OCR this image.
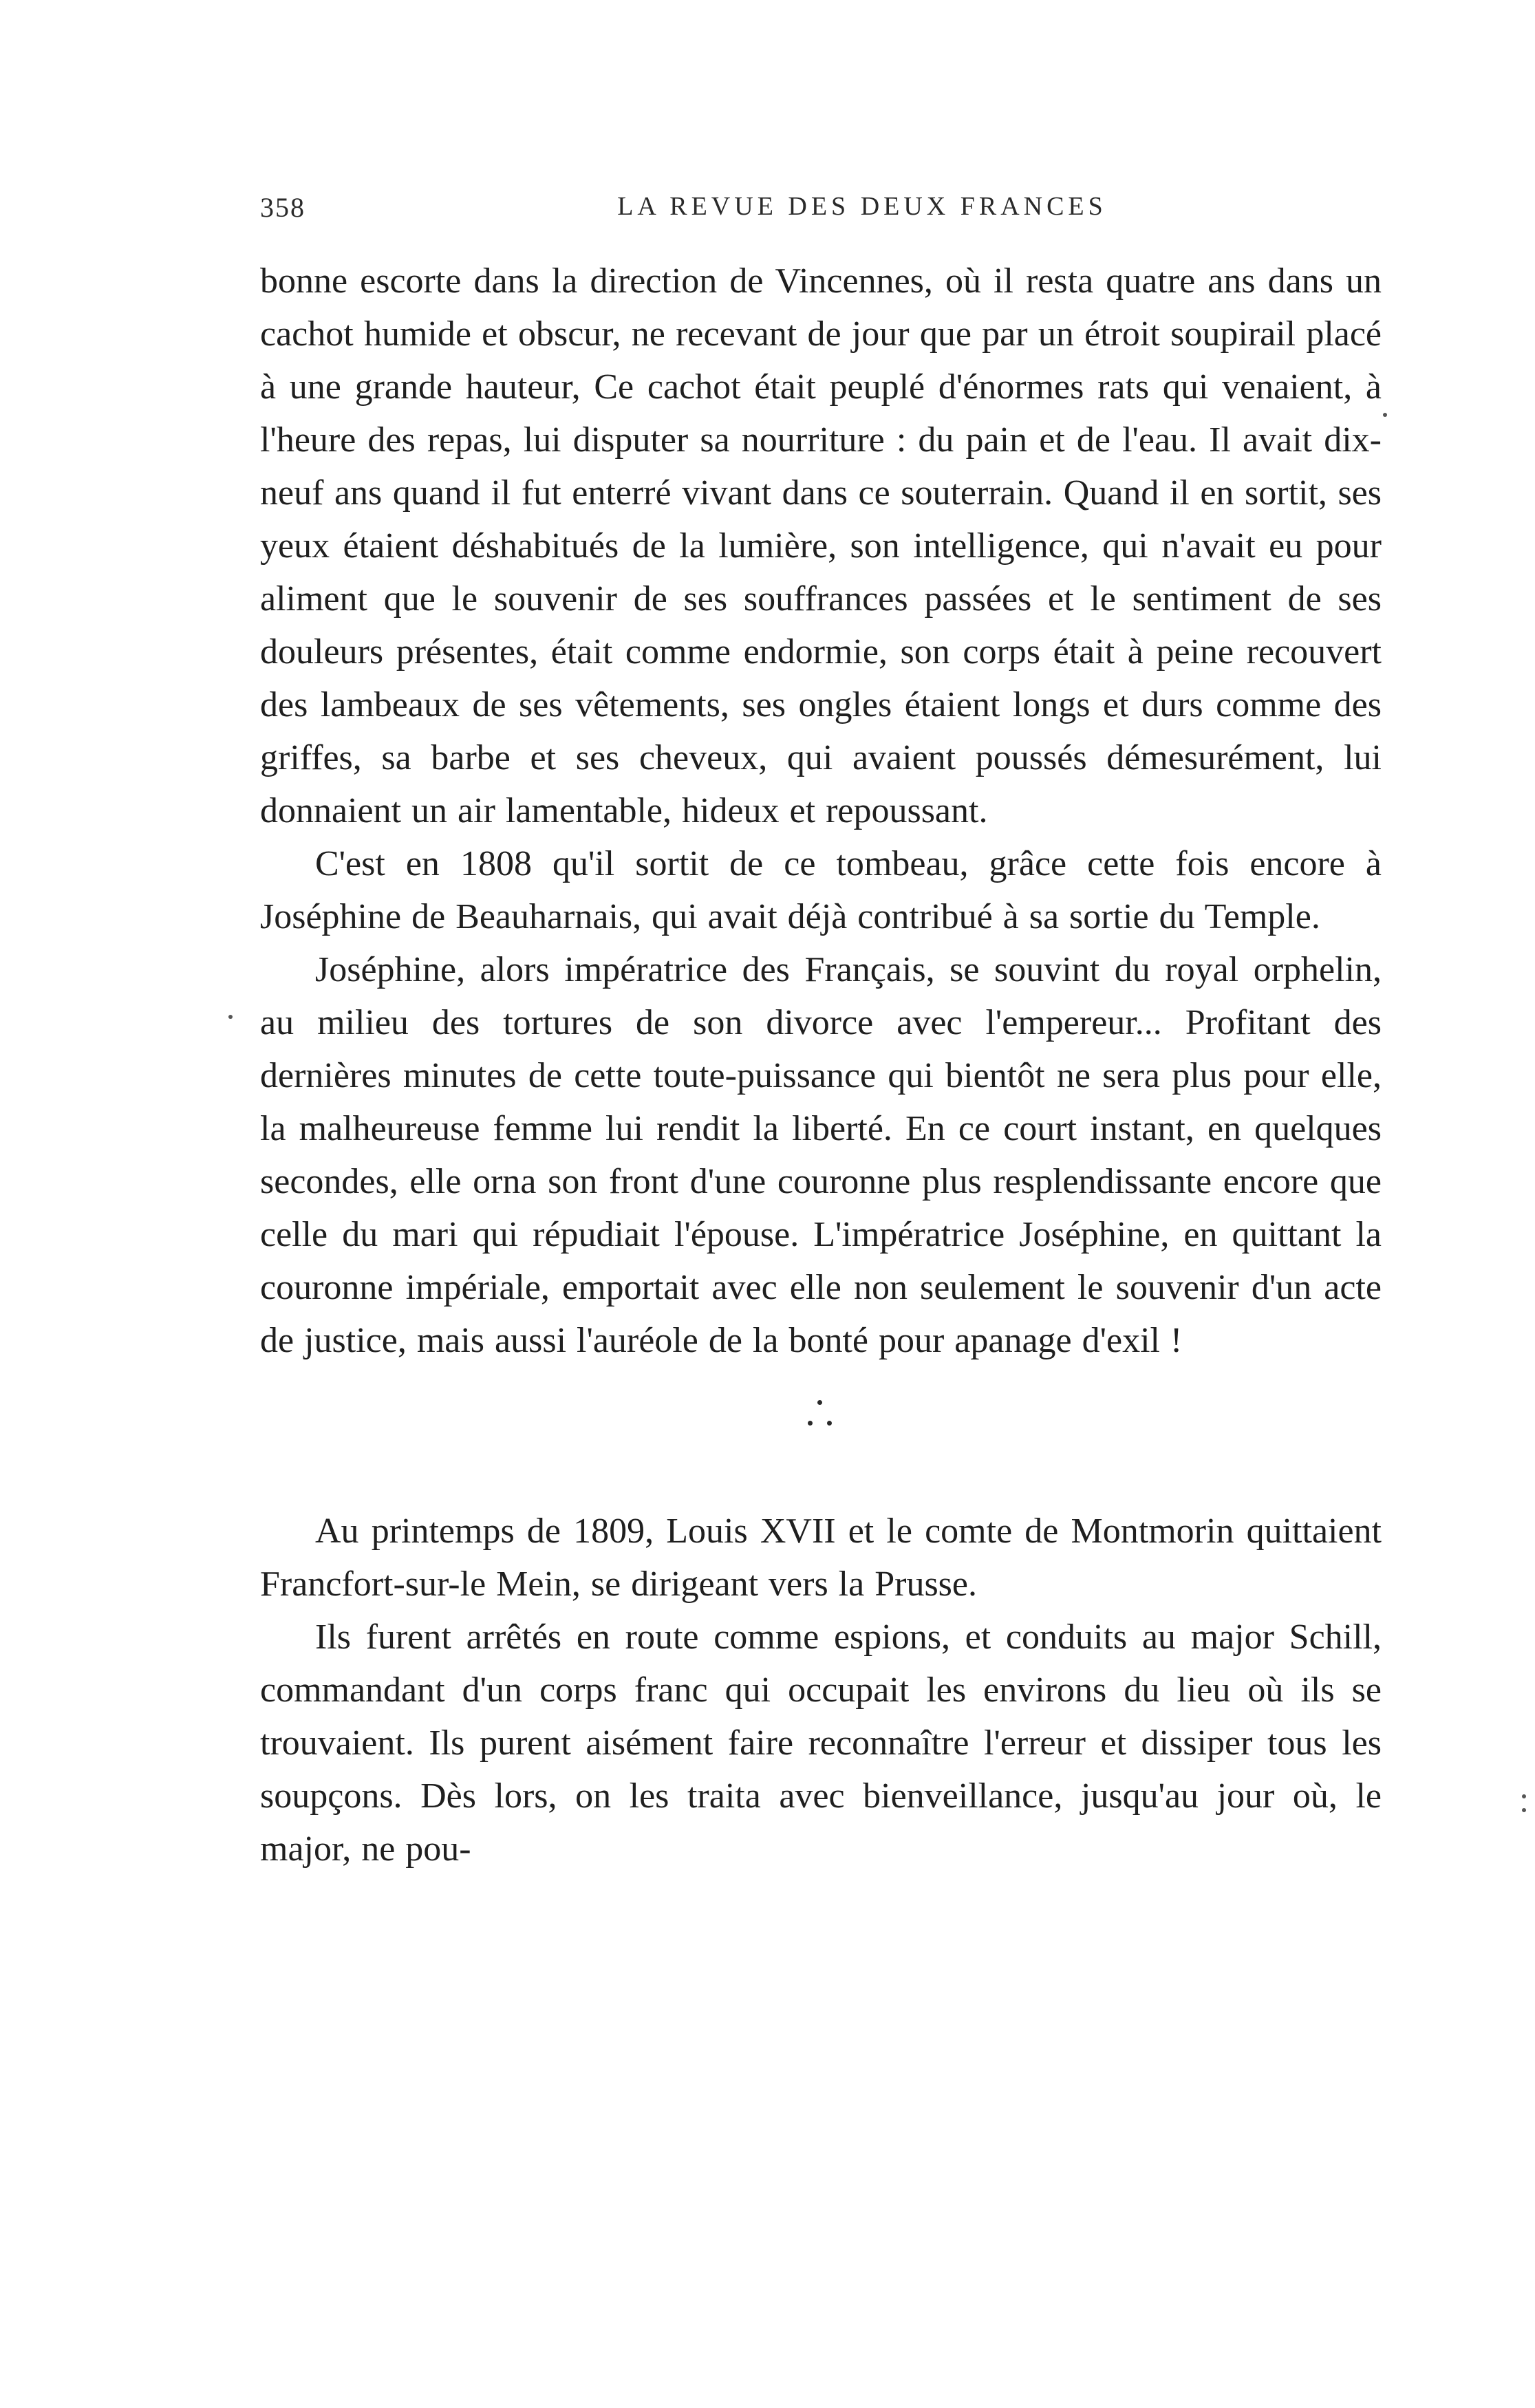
358	LA REVUE DES DEUX FRANCES

bonne escorte dans la direction de Vincennes, où il resta quatre ans dans un cachot humide et obscur, ne recevant de jour que par un étroit soupirail placé à une grande hauteur, Ce cachot était peuplé d'énormes rats qui venaient, à l'heure des repas, lui disputer sa nourriture : du pain et de l'eau. Il avait dix-neuf ans quand il fut enterré vivant dans ce souterrain. Quand il en sortit, ses yeux étaient déshabitués de la lumière, son intelligence, qui n'avait eu pour aliment que le souvenir de ses souffrances passées et le sentiment de ses douleurs présentes, était comme endormie, son corps était à peine recouvert des lambeaux de ses vêtements, ses ongles étaient longs et durs comme des griffes, sa barbe et ses cheveux, qui avaient poussés démesurément, lui donnaient un air lamentable, hideux et repoussant.

C'est en 1808 qu'il sortit de ce tombeau, grâce cette fois encore à Joséphine de Beauharnais, qui avait déjà contribué à sa sortie du Temple.

Joséphine, alors impératrice des Français, se souvint du royal orphelin, au milieu des tortures de son divorce avec l'empereur... Profitant des dernières minutes de cette toute-puissance qui bientôt ne sera plus pour elle, la malheureuse femme lui rendit la liberté. En ce court instant, en quelques secondes, elle orna son front d'une couronne plus resplendissante encore que celle du mari qui répudiait l'épouse. L'impératrice Joséphine, en quittant la couronne impériale, emportait avec elle non seulement le souvenir d'un acte de justice, mais aussi l'auréole de la bonté pour apanage d'exil !

Au printemps de 1809, Louis XVII et le comte de Montmorin quittaient Francfort-sur-le Mein, se dirigeant vers la Prusse.

Ils furent arrêtés en route comme espions, et conduits au major Schill, commandant d'un corps franc qui occupait les environs du lieu où ils se trouvaient. Ils purent aisément faire reconnaître l'erreur et dissiper tous les soupçons. Dès lors, on les traita avec bienveillance, jusqu'au jour où, le major, ne pou-
